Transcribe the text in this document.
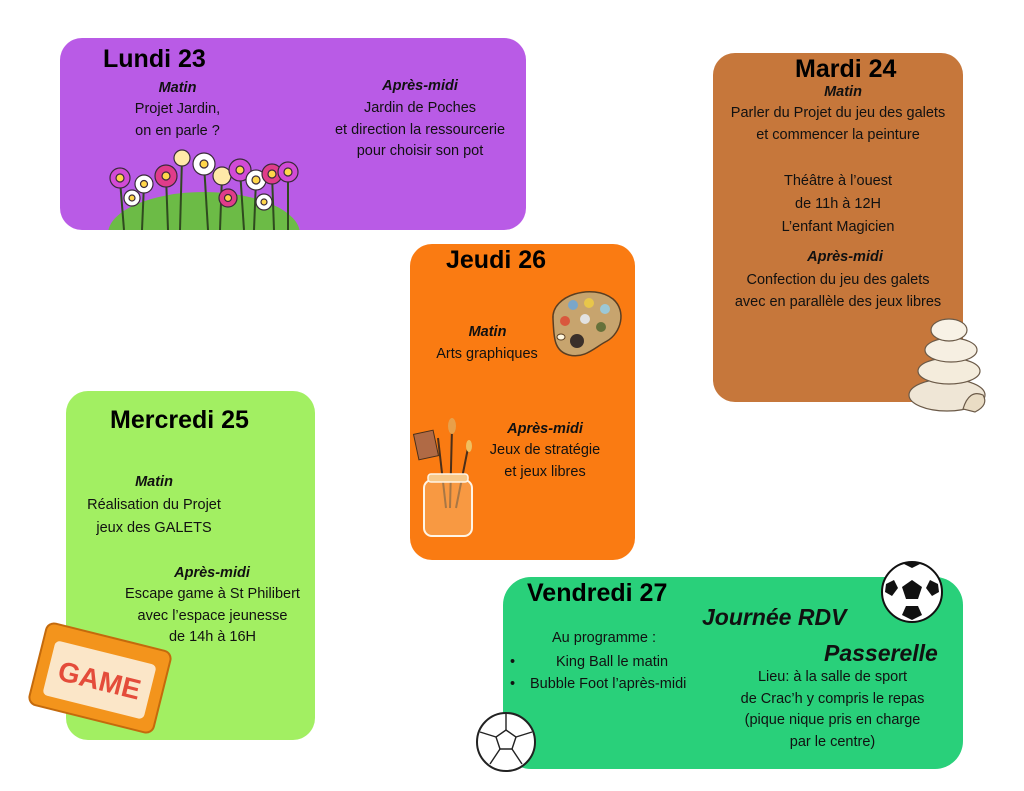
Lundi 23
Matin
Projet Jardin,
on en parle ?
Après-midi
Jardin de Poches
et direction la ressourcerie
pour choisir son pot
Mardi 24
Matin
Parler du Projet du jeu des galets
et commencer la peinture
Théâtre à l’ouest
de 11h à 12H
L’enfant Magicien
Après-midi
Confection du jeu des galets
avec en parallèle des jeux libres
Jeudi 26
Matin
Arts graphiques
Après-midi
Jeux de stratégie
et jeux libres
Mercredi 25
Matin
Réalisation du Projet
jeux des GALETS
Après-midi
Escape game à St Philibert
avec l’espace jeunesse
de 14h à 16H
GAME
Vendredi 27
Journée RDV
Passerelle
Au programme :
•	King Ball le matin
• Bubble Foot l’après-midi	Lieu: à la salle de sport
de Crac’h y compris le repas
(pique nique pris en charge
par le centre)
